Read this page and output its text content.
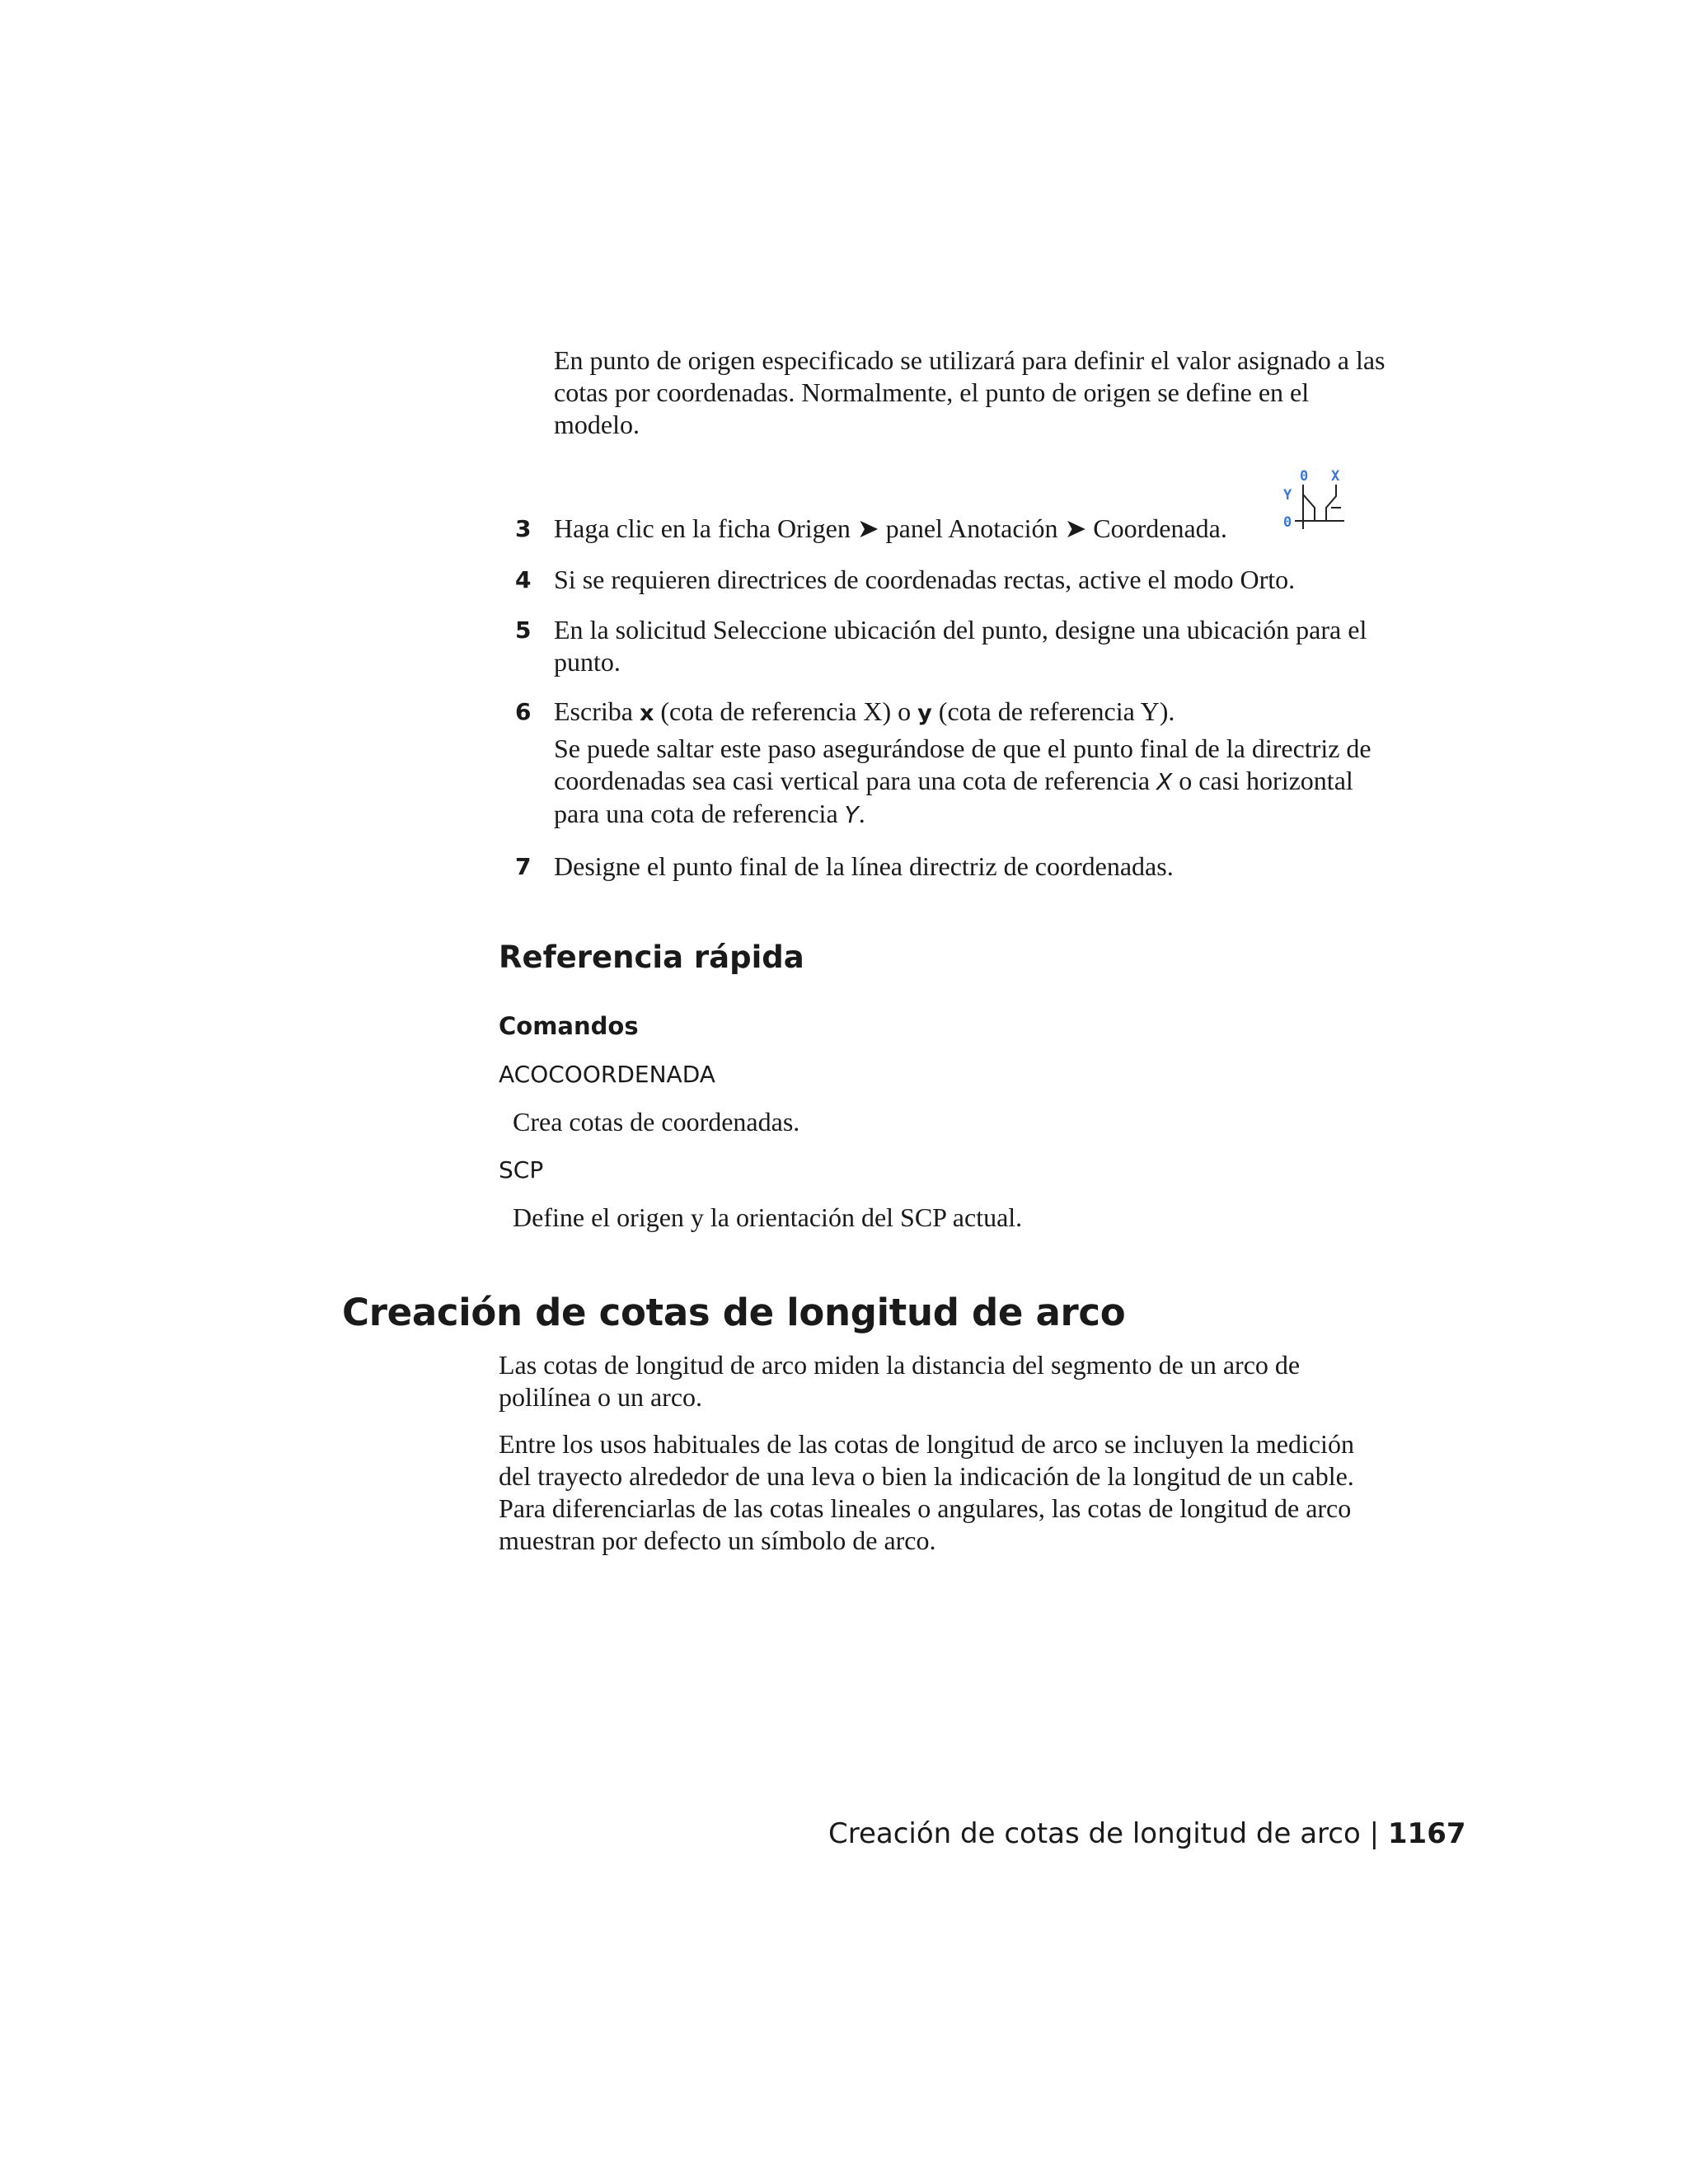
En punto de origen especificado se utilizará para definir el valor asignado a las cotas por coordenadas. Normalmente, el punto de origen se define en el modelo.
3 Haga clic en la ficha Origen ➤ panel Anotación ➤ Coordenada.
0 X
Y
0
4 Si se requieren directrices de coordenadas rectas, active el modo Orto.
5 En la solicitud Seleccione ubicación del punto, designe una ubicación para el punto.
6 Escriba x (cota de referencia X) o y (cota de referencia Y).
Se puede saltar este paso asegurándose de que el punto final de la directriz de coordenadas sea casi vertical para una cota de referencia X o casi horizontal para una cota de referencia Y.
7 Designe el punto final de la línea directriz de coordenadas.
Referencia rápida
Comandos
ACOCOORDENADA
Crea cotas de coordenadas.
SCP
Define el origen y la orientación del SCP actual.
Creación de cotas de longitud de arco
Las cotas de longitud de arco miden la distancia del segmento de un arco de polilínea o un arco.
Entre los usos habituales de las cotas de longitud de arco se incluyen la medición del trayecto alrededor de una leva o bien la indicación de la longitud de un cable. Para diferenciarlas de las cotas lineales o angulares, las cotas de longitud de arco muestran por defecto un símbolo de arco.
Creación de cotas de longitud de arco | 1167
